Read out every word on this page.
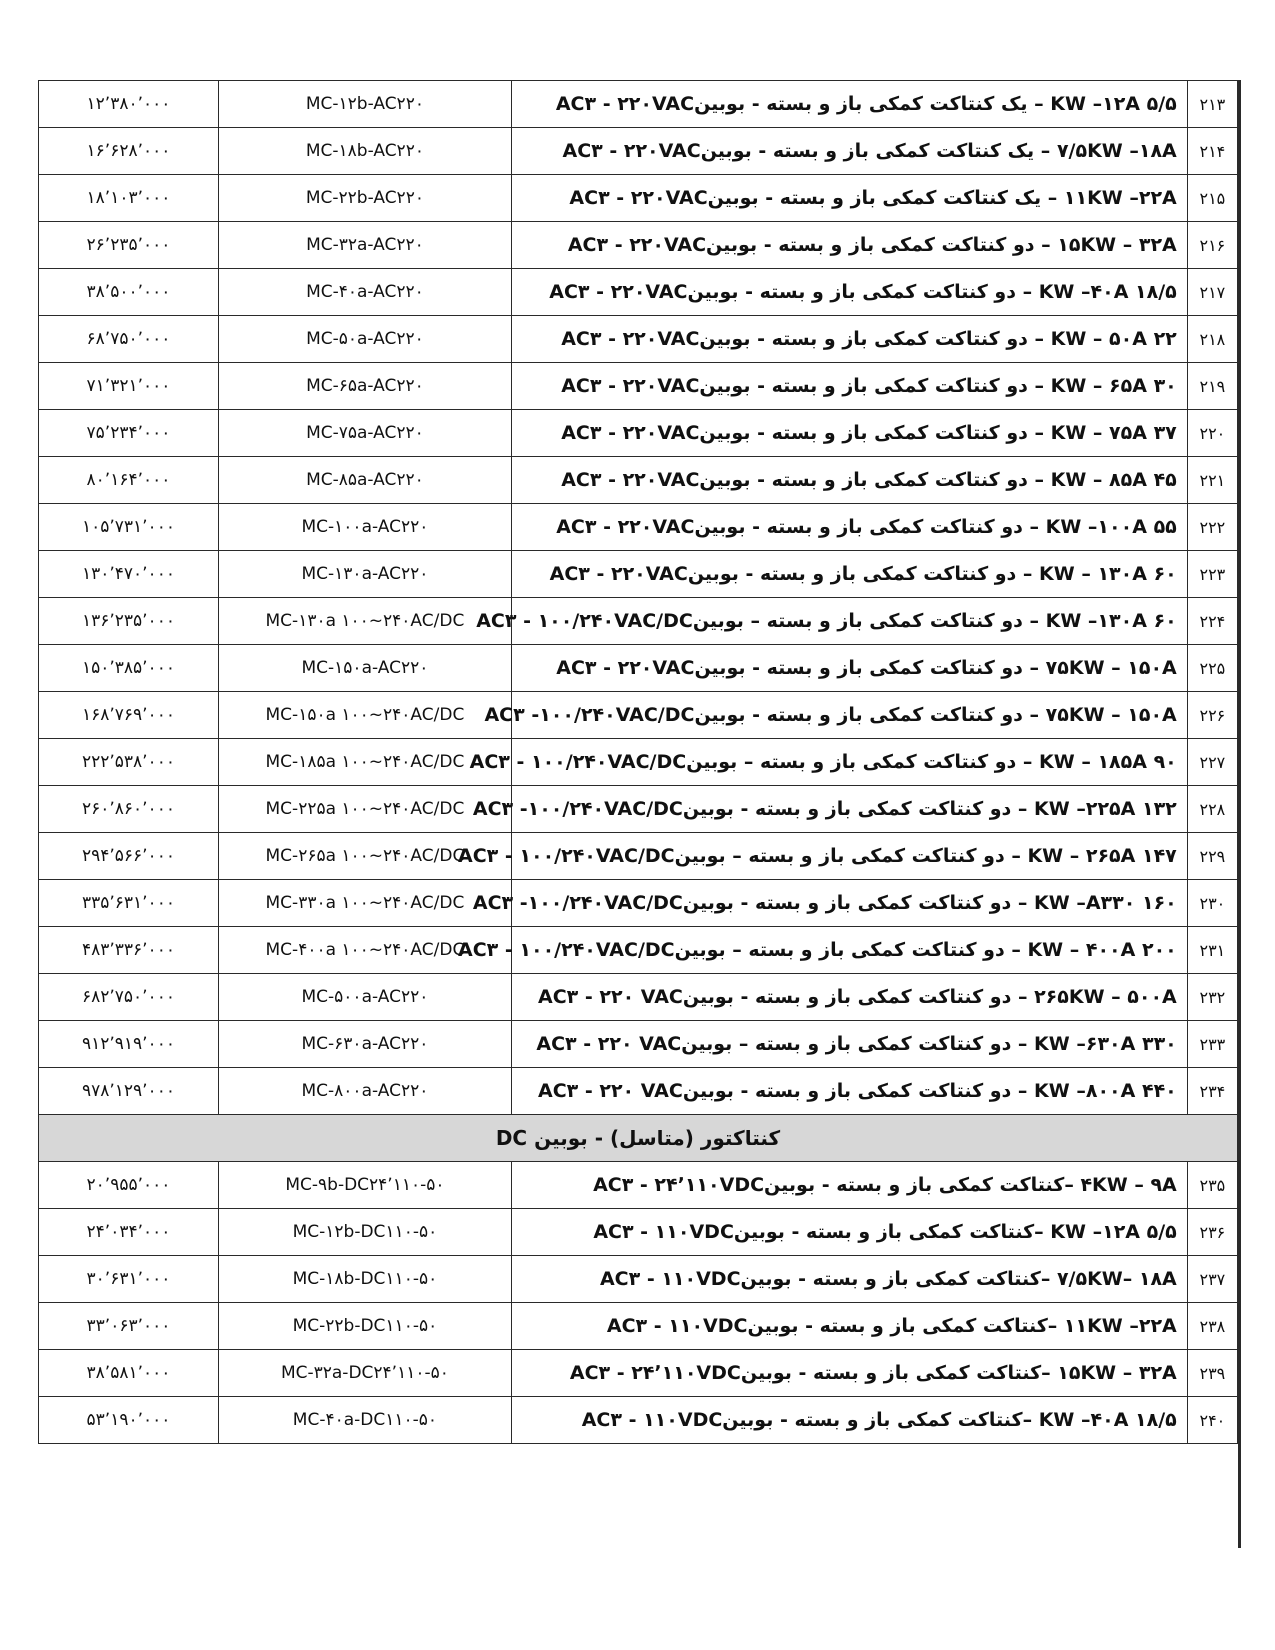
۱۲٬۳۸۰٬۰۰۰	MC-۱۲b-AC۲۲۰	۵/۵ KW –۱۲A – یک کنتاکت کمکی باز و بسته - بوبینAC۳ - ۲۲۰VAC	۲۱۳
۱۶٬۶۲۸٬۰۰۰	MC-۱۸b-AC۲۲۰	۷/۵KW –۱۸A – یک کنتاکت کمکی باز و بسته - بوبینAC۳ - ۲۲۰VAC	۲۱۴
۱۸٬۱۰۳٬۰۰۰	MC-۲۲b-AC۲۲۰	۱۱KW –۲۲A – یک کنتاکت کمکی باز و بسته - بوبینAC۳ - ۲۲۰VAC	۲۱۵
۲۶٬۲۳۵٬۰۰۰	MC-۳۲a-AC۲۲۰	۱۵KW – ۳۲A – دو کنتاکت کمکی باز و بسته - بوبینAC۳ - ۲۲۰VAC	۲۱۶
۳۸٬۵۰۰٬۰۰۰	MC-۴۰a-AC۲۲۰	۱۸/۵ KW –۴۰A – دو کنتاکت کمکی باز و بسته - بوبینAC۳ - ۲۲۰VAC	۲۱۷
۶۸٬۷۵۰٬۰۰۰	MC-۵۰a-AC۲۲۰	۲۲ KW – ۵۰A – دو کنتاکت کمکی باز و بسته - بوبینAC۳ - ۲۲۰VAC	۲۱۸
۷۱٬۳۲۱٬۰۰۰	MC-۶۵a-AC۲۲۰	۳۰ KW – ۶۵A – دو کنتاکت کمکی باز و بسته - بوبینAC۳ - ۲۲۰VAC	۲۱۹
۷۵٬۲۳۴٬۰۰۰	MC-۷۵a-AC۲۲۰	۳۷ KW – ۷۵A – دو کنتاکت کمکی باز و بسته - بوبینAC۳ - ۲۲۰VAC	۲۲۰
۸۰٬۱۶۴٬۰۰۰	MC-۸۵a-AC۲۲۰	۴۵ KW – ۸۵A – دو کنتاکت کمکی باز و بسته - بوبینAC۳ - ۲۲۰VAC	۲۲۱
۱۰۵٬۷۳۱٬۰۰۰	MC-۱۰۰a-AC۲۲۰	۵۵ KW –۱۰۰A – دو کنتاکت کمکی باز و بسته - بوبینAC۳ - ۲۲۰VAC	۲۲۲
۱۳۰٬۴۷۰٬۰۰۰	MC-۱۳۰a-AC۲۲۰	۶۰ KW – ۱۳۰A – دو کنتاکت کمکی باز و بسته - بوبینAC۳ - ۲۲۰VAC	۲۲۳
۱۳۶٬۲۳۵٬۰۰۰	MC-۱۳۰a ۱۰۰~۲۴۰AC/DC	۶۰ KW –۱۳۰A – دو کنتاکت کمکی باز و بسته – بوبینAC۳ - ۱۰۰/۲۴۰VAC/DC	۲۲۴
۱۵۰٬۳۸۵٬۰۰۰	MC-۱۵۰a-AC۲۲۰	۷۵KW – ۱۵۰A – دو کنتاکت کمکی باز و بسته - بوبینAC۳ - ۲۲۰VAC	۲۲۵
۱۶۸٬۷۶۹٬۰۰۰	MC-۱۵۰a ۱۰۰~۲۴۰AC/DC	۷۵KW – ۱۵۰A – دو کنتاکت کمکی باز و بسته - بوبینAC۳ -۱۰۰/۲۴۰VAC/DC	۲۲۶
۲۲۲٬۵۳۸٬۰۰۰	MC-۱۸۵a ۱۰۰~۲۴۰AC/DC	۹۰ KW – ۱۸۵A – دو کنتاکت کمکی باز و بسته – بوبینAC۳ - ۱۰۰/۲۴۰VAC/DC	۲۲۷
۲۶۰٬۸۶۰٬۰۰۰	MC-۲۲۵a ۱۰۰~۲۴۰AC/DC	۱۳۲ KW –۲۲۵A – دو کنتاکت کمکی باز و بسته - بوبینAC۳ -۱۰۰/۲۴۰VAC/DC	۲۲۸
۲۹۴٬۵۶۶٬۰۰۰	MC-۲۶۵a ۱۰۰~۲۴۰AC/DC	۱۴۷ KW – ۲۶۵A – دو کنتاکت کمکی باز و بسته – بوبینAC۳ - ۱۰۰/۲۴۰VAC/DC	۲۲۹
۳۳۵٬۶۳۱٬۰۰۰	MC-۳۳۰a ۱۰۰~۲۴۰AC/DC	۱۶۰ KW –A۳۳۰ – دو کنتاکت کمکی باز و بسته - بوبینAC۳ -۱۰۰/۲۴۰VAC/DC	۲۳۰
۴۸۳٬۳۳۶٬۰۰۰	MC-۴۰۰a ۱۰۰~۲۴۰AC/DC	۲۰۰ KW – ۴۰۰A – دو کنتاکت کمکی باز و بسته – بوبینAC۳ - ۱۰۰/۲۴۰VAC/DC	۲۳۱
۶۸۲٬۷۵۰٬۰۰۰	MC-۵۰۰a-AC۲۲۰	۲۶۵KW – ۵۰۰A – دو کنتاکت کمکی باز و بسته - بوبینAC۳ - ۲۲۰ VAC	۲۳۲
۹۱۲٬۹۱۹٬۰۰۰	MC-۶۳۰a-AC۲۲۰	۳۳۰ KW –۶۳۰A – دو کنتاکت کمکی باز و بسته – بوبینAC۳ - ۲۲۰ VAC	۲۳۳
۹۷۸٬۱۲۹٬۰۰۰	MC-۸۰۰a-AC۲۲۰	۴۴۰ KW –۸۰۰A – دو کنتاکت کمکی باز و بسته - بوبینAC۳ - ۲۲۰ VAC	۲۳۴
کنتاکتور (متاسل) - بوبین DC			
۲۰٬۹۵۵٬۰۰۰	MC-۹b-DC۲۴٬۱۱۰-۵۰	۴KW – ۹A –کنتاکت کمکی باز و بسته - بوبینAC۳ - ۲۴٬۱۱۰VDC	۲۳۵
۲۴٬۰۳۴٬۰۰۰	MC-۱۲b-DC۱۱۰-۵۰	۵/۵ KW –۱۲A –کنتاکت کمکی باز و بسته - بوبینAC۳ - ۱۱۰VDC	۲۳۶
۳۰٬۶۳۱٬۰۰۰	MC-۱۸b-DC۱۱۰-۵۰	۷/۵KW– ۱۸A –کنتاکت کمکی باز و بسته - بوبینAC۳ - ۱۱۰VDC	۲۳۷
۳۳٬۰۶۳٬۰۰۰	MC-۲۲b-DC۱۱۰-۵۰	۱۱KW –۲۲A –کنتاکت کمکی باز و بسته - بوبینAC۳ - ۱۱۰VDC	۲۳۸
۳۸٬۵۸۱٬۰۰۰	MC-۳۲a-DC۲۴٬۱۱۰-۵۰	۱۵KW – ۳۲A –کنتاکت کمکی باز و بسته - بوبینAC۳ - ۲۴٬۱۱۰VDC	۲۳۹
۵۳٬۱۹۰٬۰۰۰	MC-۴۰a-DC۱۱۰-۵۰	۱۸/۵ KW –۴۰A –کنتاکت کمکی باز و بسته - بوبینAC۳ - ۱۱۰VDC	۲۴۰
